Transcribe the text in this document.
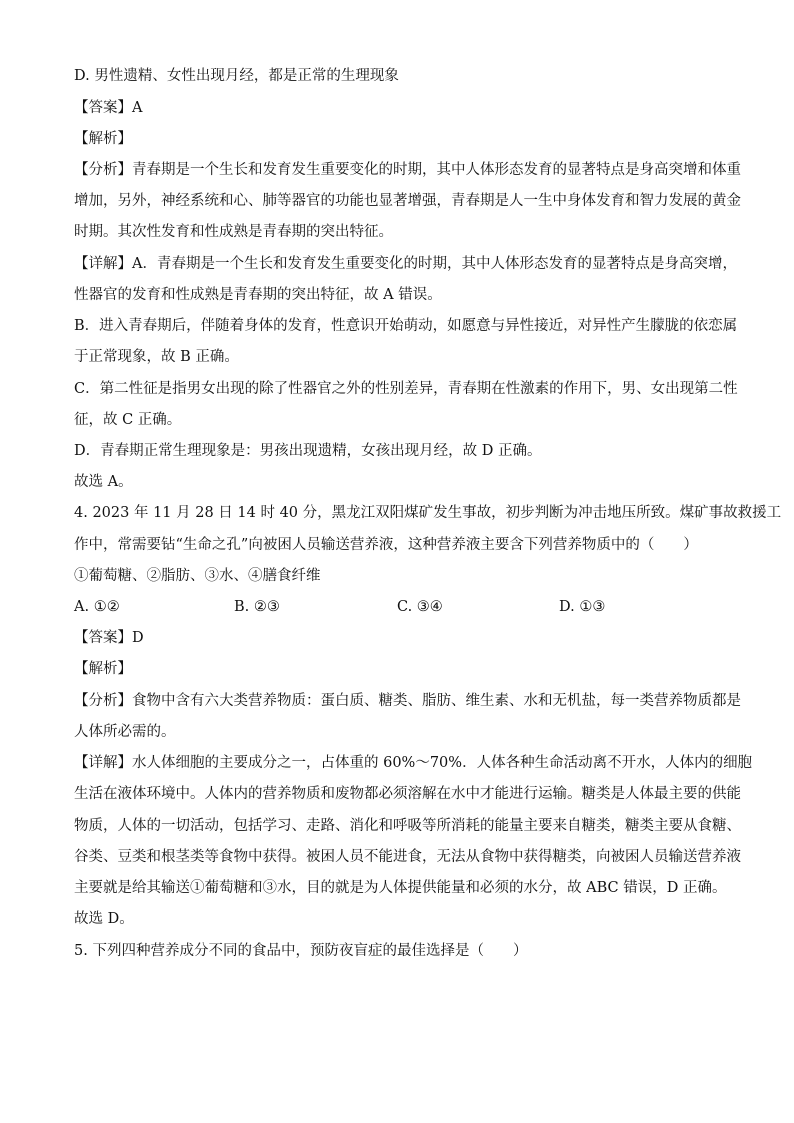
D. 男性遗精、女性出现月经，都是正常的生理现象
【答案】A
【解析】
【分析】青春期是一个生长和发育发生重要变化的时期，其中人体形态发育的显著特点是身高突增和体重
增加，另外，神经系统和心、肺等器官的功能也显著增强，青春期是人一生中身体发育和智力发展的黄金
时期。其次性发育和性成熟是青春期的突出特征。
【详解】A．青春期是一个生长和发育发生重要变化的时期，其中人体形态发育的显著特点是身高突增，
性器官的发育和性成熟是青春期的突出特征，故 A 错误。
B．进入青春期后，伴随着身体的发育，性意识开始萌动，如愿意与异性接近，对异性产生朦胧的依恋属
于正常现象，故 B 正确。
C．第二性征是指男女出现的除了性器官之外的性别差异，青春期在性激素的作用下，男、女出现第二性
征，故 C 正确。
D．青春期正常生理现象是：男孩出现遗精，女孩出现月经，故 D 正确。
故选 A。
4. 2023 年 11 月 28 日 14 时 40 分，黑龙江双阳煤矿发生事故，初步判断为冲击地压所致。煤矿事故救援工
作中，常需要钻“生命之孔”向被困人员输送营养液，这种营养液主要含下列营养物质中的（　　）
①葡萄糖、②脂肪、③水、④膳食纤维
A. ①②	B. ②③	C. ③④	D. ①③
【答案】D
【解析】
【分析】食物中含有六大类营养物质：蛋白质、糖类、脂肪、维生素、水和无机盐，每一类营养物质都是
人体所必需的。
【详解】水人体细胞的主要成分之一，占体重的 60%～70%．人体各种生命活动离不开水，人体内的细胞
生活在液体环境中。人体内的营养物质和废物都必须溶解在水中才能进行运输。糖类是人体最主要的供能
物质，人体的一切活动，包括学习、走路、消化和呼吸等所消耗的能量主要来自糖类，糖类主要从食糖、
谷类、豆类和根茎类等食物中获得。被困人员不能进食，无法从食物中获得糖类，向被困人员输送营养液
主要就是给其输送①葡萄糖和③水，目的就是为人体提供能量和必须的水分，故 ABC 错误，D 正确。
故选 D。
5. 下列四种营养成分不同的食品中，预防夜盲症的最佳选择是（　　）
